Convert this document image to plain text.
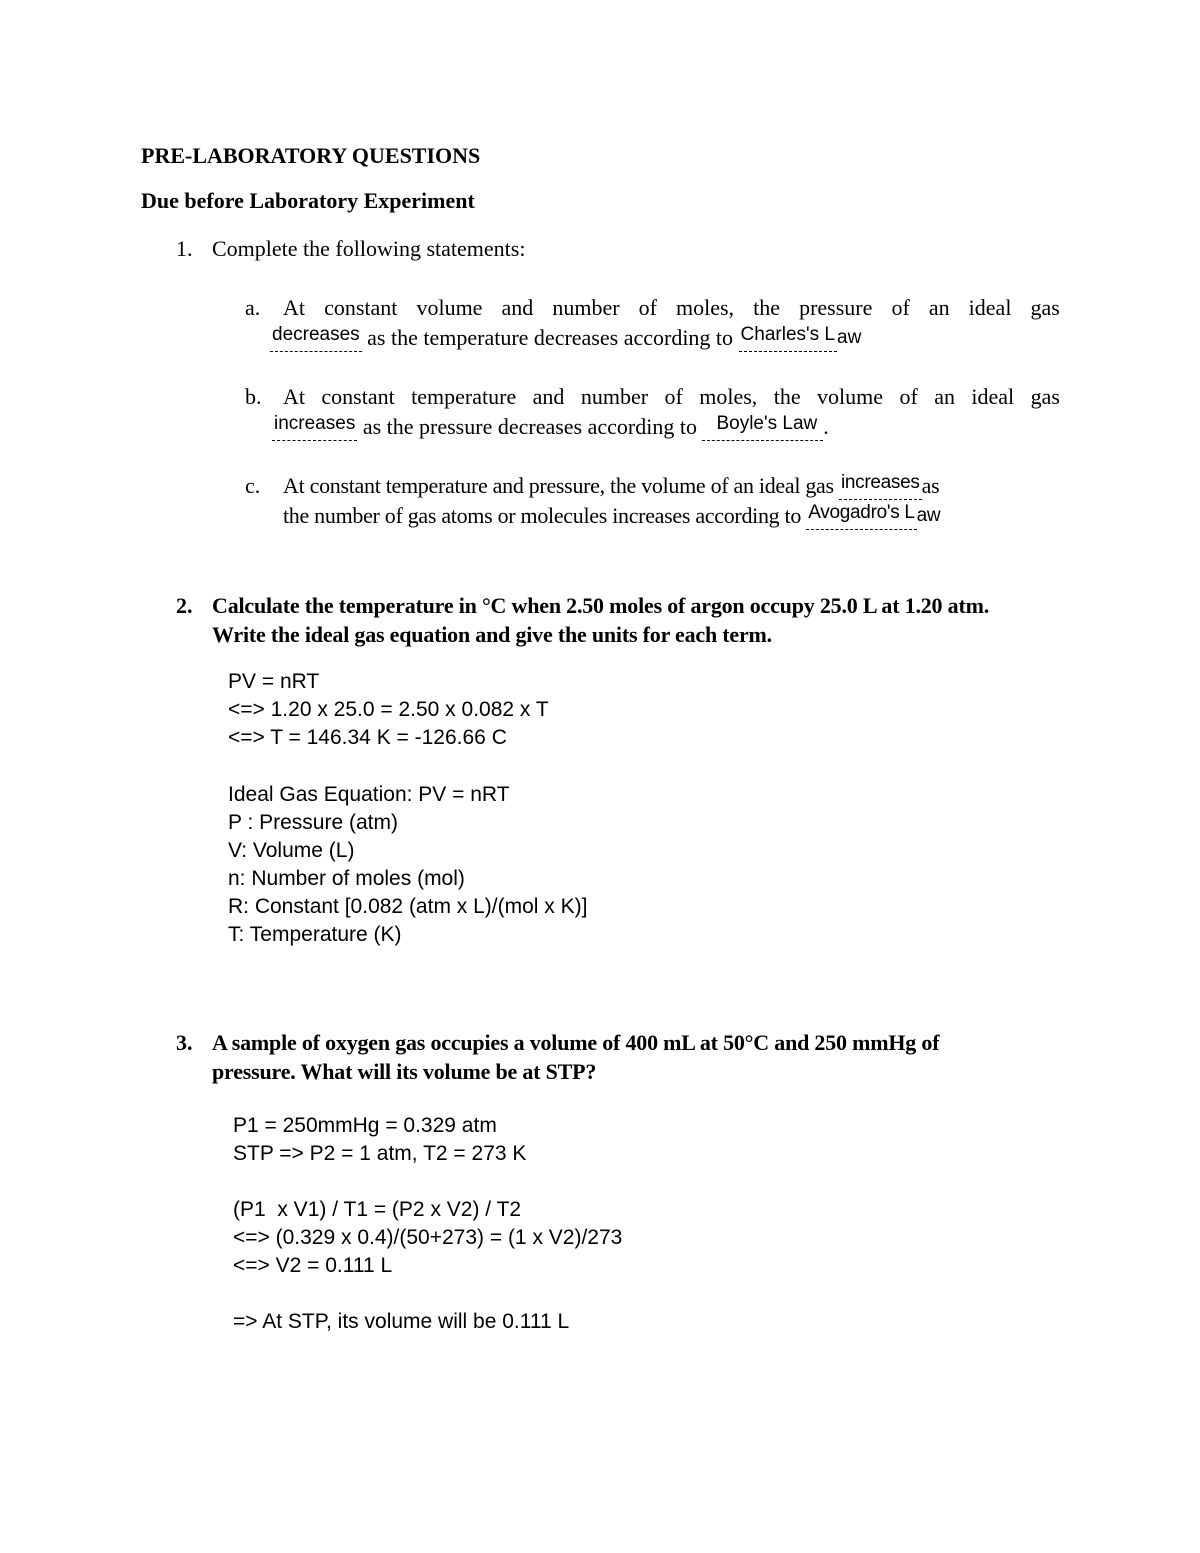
PRE-LABORATORY QUESTIONS
Due before Laboratory Experiment
1. Complete the following statements:
a. At constant volume and number of moles, the pressure of an ideal gas
decreases as the temperature decreases according to Charles's L aw
b. At constant temperature and number of moles, the volume of an ideal gas
increases as the pressure decreases according to Boyle's Law .
c. At constant temperature and pressure, the volume of an ideal gas increasesas
the number of gas atoms or molecules increases according to Avogadro's L aw
2. Calculate the temperature in °C when 2.50 moles of argon occupy 25.0 L at 1.20 atm.
Write the ideal gas equation and give the units for each term.
PV = nRT
<=> 1.20 x 25.0 = 2.50 x 0.082 x T
<=> T = 146.34 K = -126.66 C
Ideal Gas Equation: PV = nRT
P : Pressure (atm)
V: Volume (L)
n: Number of moles (mol)
R: Constant [0.082 (atm x L)/(mol x K)]
T: Temperature (K)
3. A sample of oxygen gas occupies a volume of 400 mL at 50°C and 250 mmHg of
pressure. What will its volume be at STP?
P1 = 250mmHg = 0.329 atm
STP => P2 = 1 atm, T2 = 273 K
(P1  x V1) / T1 = (P2 x V2) / T2
<=> (0.329 x 0.4)/(50+273) = (1 x V2)/273
<=> V2 = 0.111 L
=> At STP, its volume will be 0.111 L
